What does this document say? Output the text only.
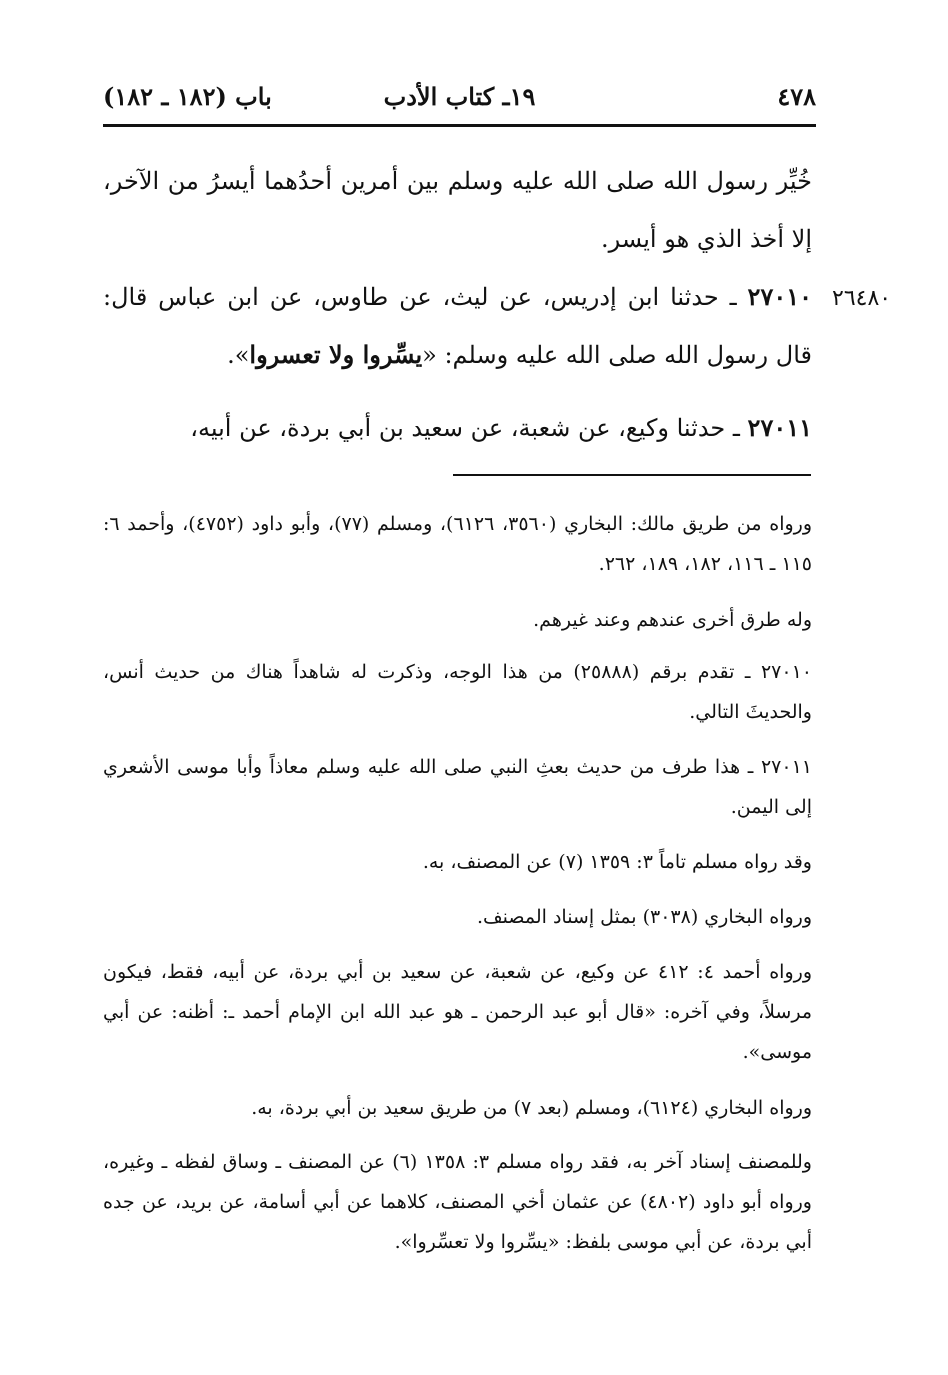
٤٧٨
١٩ـ كتاب الأدب
باب (١٨٢ ـ ١٨٢)
خُيِّر رسول الله صلى الله عليه وسلم بين أمرين أحدُهما أيسرُ من الآخر، إلا أخذ الذي هو أيسر.
٢٧٠١٠ ـ حدثنا ابن إدريس، عن ليث، عن طاوس، عن ابن عباس قال: قال رسول الله صلى الله عليه وسلم: «يسِّروا ولا تعسروا».
٢٦٤٨٠
٢٧٠١١ ـ حدثنا وكيع، عن شعبة، عن سعيد بن أبي بردة، عن أبيه،
ورواه من طريق مالك: البخاري (٣٥٦٠، ٦١٢٦)، ومسلم (٧٧)، وأبو داود (٤٧٥٢)، وأحمد ٦: ١١٥ ـ ١١٦، ١٨٢، ١٨٩، ٢٦٢.
وله طرق أخرى عندهم وعند غيرهم.
٢٧٠١٠ ـ تقدم برقم (٢٥٨٨٨) من هذا الوجه، وذكرت له شاهداً هناك من حديث أنس، والحديثَ التالي.
٢٧٠١١ ـ هذا طرف من حديث بعثِ النبي صلى الله عليه وسلم معاذاً وأبا موسى الأشعري إلى اليمن.
وقد رواه مسلم تاماً ٣: ١٣٥٩ (٧) عن المصنف، به.
ورواه البخاري (٣٠٣٨) بمثل إسناد المصنف.
ورواه أحمد ٤: ٤١٢ عن وكيع، عن شعبة، عن سعيد بن أبي بردة، عن أبيه، فقط، فيكون مرسلاً، وفي آخره: «قال أبو عبد الرحمن ـ هو عبد الله ابن الإمام أحمد ـ: أظنه: عن أبي موسى».
ورواه البخاري (٦١٢٤)، ومسلم (بعد ٧) من طريق سعيد بن أبي بردة، به.
وللمصنف إسناد آخر به، فقد رواه مسلم ٣: ١٣٥٨ (٦) عن المصنف ـ وساق لفظه ـ وغيره، ورواه أبو داود (٤٨٠٢) عن عثمان أخي المصنف، كلاهما عن أبي أسامة، عن بريد، عن جده أبي بردة، عن أبي موسى بلفظ: «يسِّروا ولا تعسِّروا».
